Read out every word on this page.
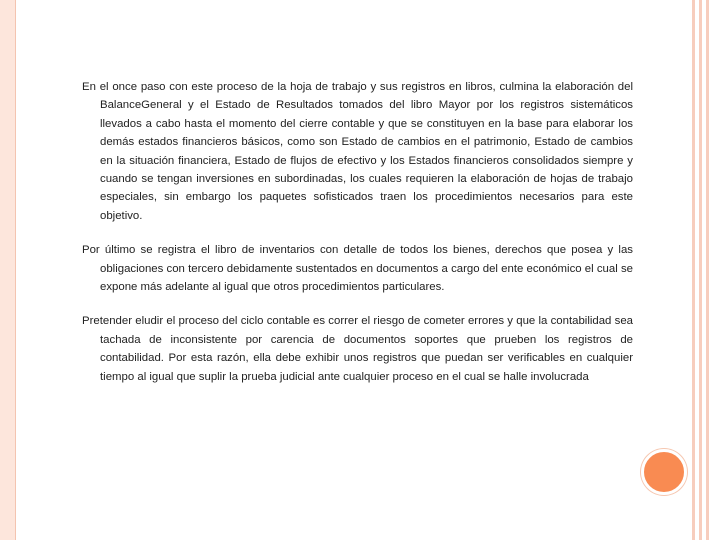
En el once paso con este proceso de la hoja de trabajo y sus registros en libros, culmina la elaboración del BalanceGeneral y el Estado de Resultados tomados del libro Mayor por los registros sistemáticos llevados a cabo hasta el momento del cierre contable y que se constituyen en la base para elaborar los demás estados financieros básicos, como son Estado de cambios en el patrimonio, Estado de cambios en la situación financiera, Estado de flujos de efectivo y los Estados financieros consolidados siempre y cuando se tengan inversiones en subordinadas, los cuales requieren la elaboración de hojas de trabajo especiales, sin embargo los paquetes sofisticados traen los procedimientos necesarios para este objetivo.

Por último se registra el libro de inventarios con detalle de todos los bienes, derechos que posea y las obligaciones con tercero debidamente sustentados en documentos a cargo del ente económico el cual se expone más adelante al igual que otros procedimientos particulares.

Pretender eludir el proceso del ciclo contable es correr el riesgo de cometer errores y que la contabilidad sea tachada de inconsistente por carencia de documentos soportes que prueben los registros de contabilidad. Por esta razón, ella debe exhibir unos registros que puedan ser verificables en cualquier tiempo al igual que suplir la prueba judicial ante cualquier proceso en el cual se halle involucrada
